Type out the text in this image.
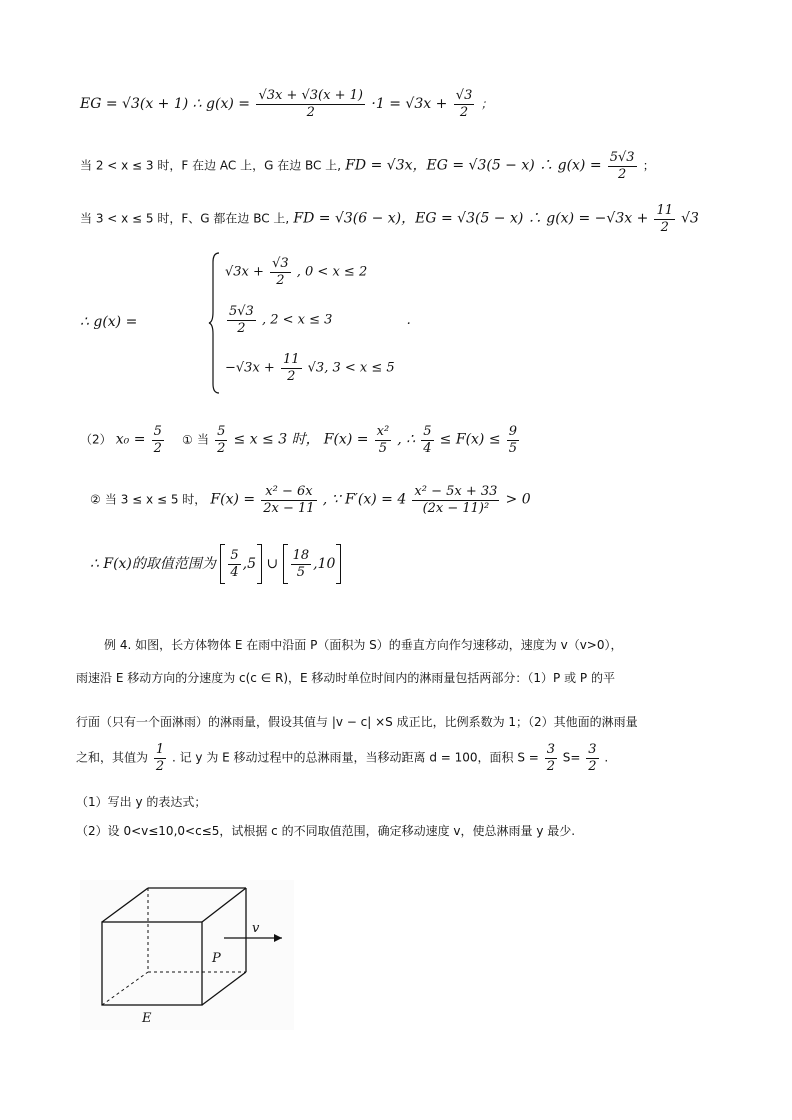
EG = √3(x + 1) ∴ $g(x) = \frac{√3x + √3(x + 1)}{2} \cdot 1 = √3x + \frac{√3}{2}$ ；
当 2 < x ≤ 3 时，F 在边 AC 上，G 在边 BC 上, FD = √3x，EG = √3(5 − x) ∴ $g(x) = \frac{5√3}{2}$ ；
当 3 < x ≤ 5 时，F、G 都在边 BC 上, FD = √3(6 − x)，EG = √3(5 − x) ∴ $g(x) = -√3x + \frac{11}{2} √3$
∴ g(x) =
$√3x + \frac{√3}{2}$ , 0 < x ≤ 2
$\frac{5√3}{2}$ , 2 < x ≤ 3	.
$-√3x + \frac{11}{2} √3$, 3 < x ≤ 5
（2） $x_0 = \frac{5}{2}$ ① 当 $\frac{5}{2} \le x \le 3$ 时， $F(x) = \frac{\text{x²}}{5}$ , ∴ $\frac{5}{4} \le F(x) \le \frac{9}{5}$
② 当 3 ≤ x ≤ 5 时， $F(x) = \frac{\text{x² − 6x}}{2x - 11}$ , ∵ $F'(x) = 4 \frac{\text{x² − 5x + 33}}{\text{(2x − 11)²}} > 0$
∴ F(x)的取值范围为 $\frac{5}{4} ,5$ ∪ $\frac{18}{5} ,10$
例 4. 如图，长方体物体 E 在雨中沿面 P（面积为 S）的垂直方向作匀速移动，速度为 v（v>0），
雨速沿 E 移动方向的分速度为 c(c ∈ R)，E 移动时单位时间内的淋雨量包括两部分：（1）P 或 P 的平
行面（只有一个面淋雨）的淋雨量，假设其值与 |v − c| ×S 成正比，比例系数为 1；（2）其他面的淋雨量
之和，其值为 $\frac{1}{2}$ . 记 y 为 E 移动过程中的总淋雨量，当移动距离 d = 100，面积 $S = \frac{3}{2} S= \frac{3}{2}$ .
（1）写出 y 的表达式；
（2）设 0<v≤10,0<c≤5，试根据 c 的不同取值范围，确定移动速度 v，使总淋雨量 y 最少.
v
P
E
